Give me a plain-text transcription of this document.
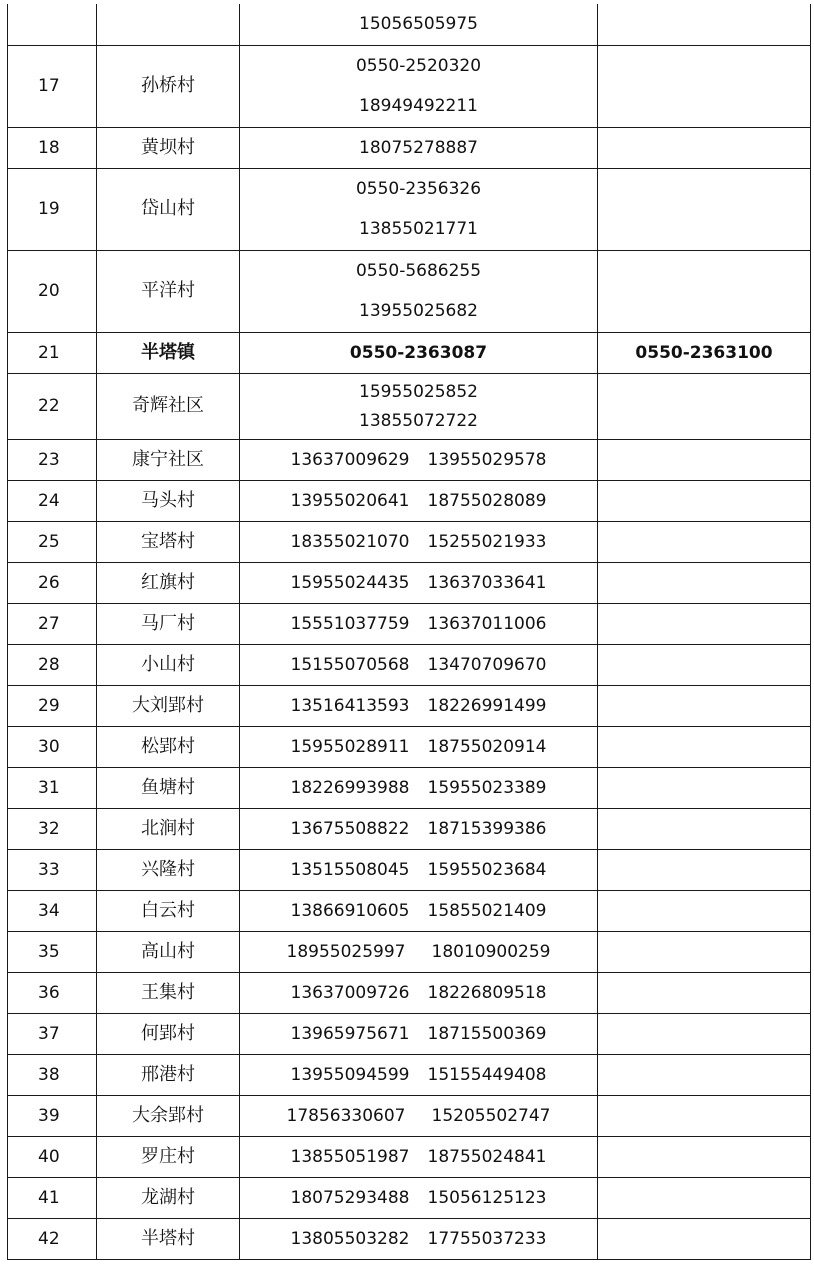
		15056505975	
17	孙桥村	0550-2520320
18949492211	

18	黄坝村	18075278887	
19	岱山村	0550-2356326
13855021771	

20	平洋村	0550-5686255
13955025682	

21	半塔镇	0550-2363087	0550-2363100
22	奇辉社区	15955025852
13855072722	

23	康宁社区	13637009629 13955029578	
24	马头村	13955020641 18755028089	
25	宝塔村	18355021070 15255021933	
26	红旗村	15955024435 13637033641	
27	马厂村	15551037759 13637011006	
28	小山村	15155070568 13470709670	
29	大刘郢村	13516413593 18226991499	
30	松郢村	15955028911 18755020914	
31	鱼塘村	18226993988 15955023389	
32	北涧村	13675508822 18715399386	
33	兴隆村	13515508045 15955023684	
34	白云村	13866910605 15855021409	
35	高山村	18955025997 18010900259	
36	王集村	13637009726 18226809518	
37	何郢村	13965975671 18715500369	
38	邢港村	13955094599 15155449408	
39	大余郢村	17856330607 15205502747	
40	罗庄村	13855051987 18755024841	
41	龙湖村	18075293488 15056125123	
42	半塔村	13805503282 17755037233	
